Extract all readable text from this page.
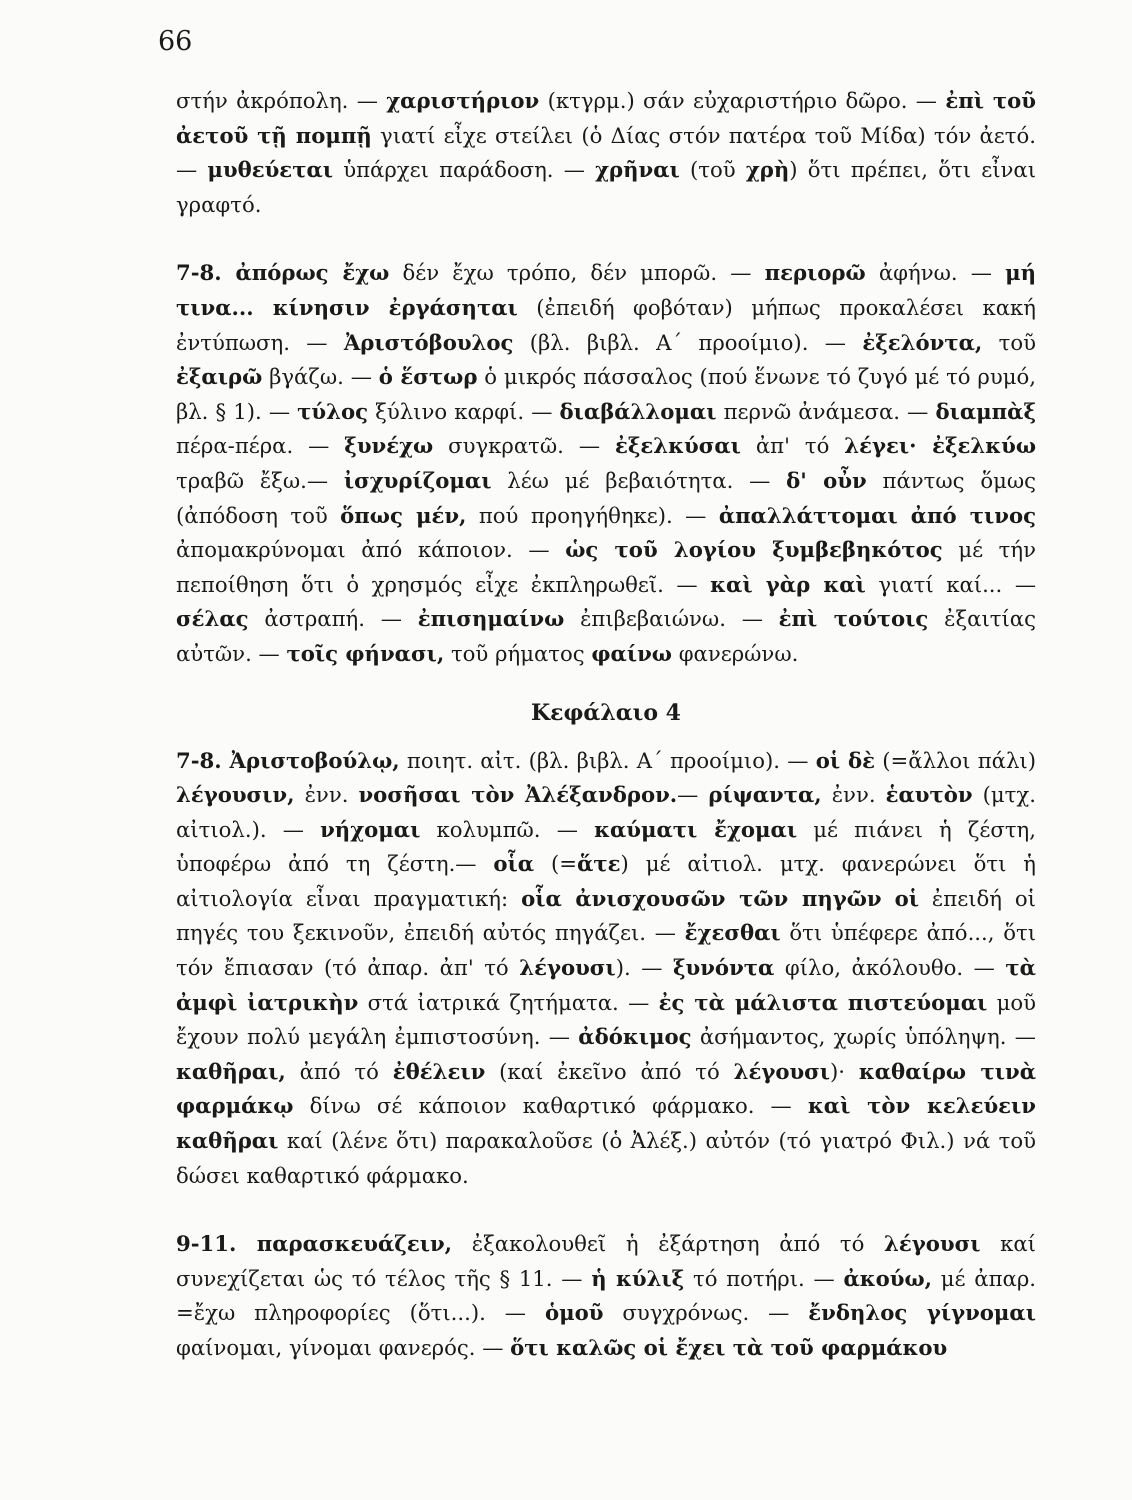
66

στήν ἀκρόπολη. — χαριστήριον (κτγρμ.) σάν εὐχαριστήριο δῶρο. — ἐπὶ τοῦ ἀετοῦ τῇ πομπῇ γιατί εἶχε στείλει (ὁ Δίας στόν πατέρα τοῦ Μίδα) τόν ἀετό. — μυθεύεται ὑπάρχει παράδοση. — χρῆναι (τοῦ χρὴ) ὅτι πρέπει, ὅτι εἶναι γραφτό.

7-8. ἀπόρως ἔχω δέν ἔχω τρόπο, δέν μπορῶ. — περιορῶ ἀφήνω. — μή τινα... κίνησιν ἐργάσηται (ἐπειδή φοβόταν) μήπως προκαλέσει κακή ἐντύπωση. — Ἀριστόβουλος (βλ. βιβλ. Α΄ προοίμιο). — ἐξελόντα, τοῦ ἐξαιρῶ βγάζω. — ὁ ἕστωρ ὁ μικρός πάσσαλος (πού ἕνωνε τό ζυγό μέ τό ρυμό, βλ. § 1). — τύλος ξύλινο καρφί. — διαβάλλομαι περνῶ ἀνάμεσα. — διαμπὰξ πέρα-πέρα. — ξυνέχω συγκρατῶ. — ἐξελκύσαι ἀπ' τό λέγει· ἐξελκύω τραβῶ ἔξω.— ἰσχυρίζομαι λέω μέ βεβαιότητα. — δ' οὖν πάντως ὅμως (ἀπόδοση τοῦ ὅπως μέν, πού προηγήθηκε). — ἀπαλλάττομαι ἀπό τινος ἀπομακρύνομαι ἀπό κάποιον. — ὡς τοῦ λογίου ξυμβεβηκότος μέ τήν πεποίθηση ὅτι ὁ χρησμός εἶχε ἐκπληρωθεῖ. — καὶ γὰρ καὶ γιατί καί... — σέλας ἀστραπή. — ἐπισημαίνω ἐπιβεβαιώνω. — ἐπὶ τούτοις ἐξαιτίας αὐτῶν. — τοῖς φήνασι, τοῦ ρήματος φαίνω φανερώνω.

Κεφάλαιο 4

7-8. Ἀριστοβούλῳ, ποιητ. αἰτ. (βλ. βιβλ. Α΄ προοίμιο). — οἱ δὲ (=ἄλλοι πάλι) λέγουσιν, ἐνν. νοσῆσαι τὸν Ἀλέξανδρον.— ρίψαντα, ἐνν. ἑαυτὸν (μτχ. αἰτιολ.). — νήχομαι κολυμπῶ. — καύματι ἔχομαι μέ πιάνει ἡ ζέστη, ὑποφέρω ἀπό τη ζέστη.— οἷα (=ἅτε) μέ αἰτιολ. μτχ. φανερώνει ὅτι ἡ αἰτιολογία εἶναι πραγματική: οἷα ἀνισχουσῶν τῶν πηγῶν οἱ ἐπειδή οἱ πηγές του ξεκινοῦν, ἐπειδή αὐτός πηγάζει. — ἔχεσθαι ὅτι ὑπέφερε ἀπό..., ὅτι τόν ἔπιασαν (τό ἀπαρ. ἀπ' τό λέγουσι). — ξυνόντα φίλο, ἀκόλουθο. — τὰ ἀμφὶ ἰατρικὴν στά ἰατρικά ζητήματα. — ἐς τὰ μάλιστα πιστεύομαι μοῦ ἔχουν πολύ μεγάλη ἐμπιστοσύνη. — ἀδόκιμος ἀσήμαντος, χωρίς ὑπόληψη. — καθῆραι, ἀπό τό ἐθέλειν (καί ἐκεῖνο ἀπό τό λέγουσι)· καθαίρω τινὰ φαρμάκῳ δίνω σέ κάποιον καθαρτικό φάρμακο. — καὶ τὸν κελεύειν καθῆραι καί (λένε ὅτι) παρακαλοῦσε (ὁ Ἀλέξ.) αὐτόν (τό γιατρό Φιλ.) νά τοῦ δώσει καθαρτικό φάρμακο.

9-11. παρασκευάζειν, ἐξακολουθεῖ ἡ ἐξάρτηση ἀπό τό λέγουσι καί συνεχίζεται ὡς τό τέλος τῆς § 11. — ἡ κύλιξ τό ποτήρι. — ἀκούω, μέ ἀπαρ. =ἔχω πληροφορίες (ὅτι...). — ὁμοῦ συγχρόνως. — ἔνδηλος γίγνομαι φαίνομαι, γίνομαι φανερός. — ὅτι καλῶς οἱ ἔχει τὰ τοῦ φαρμάκου
